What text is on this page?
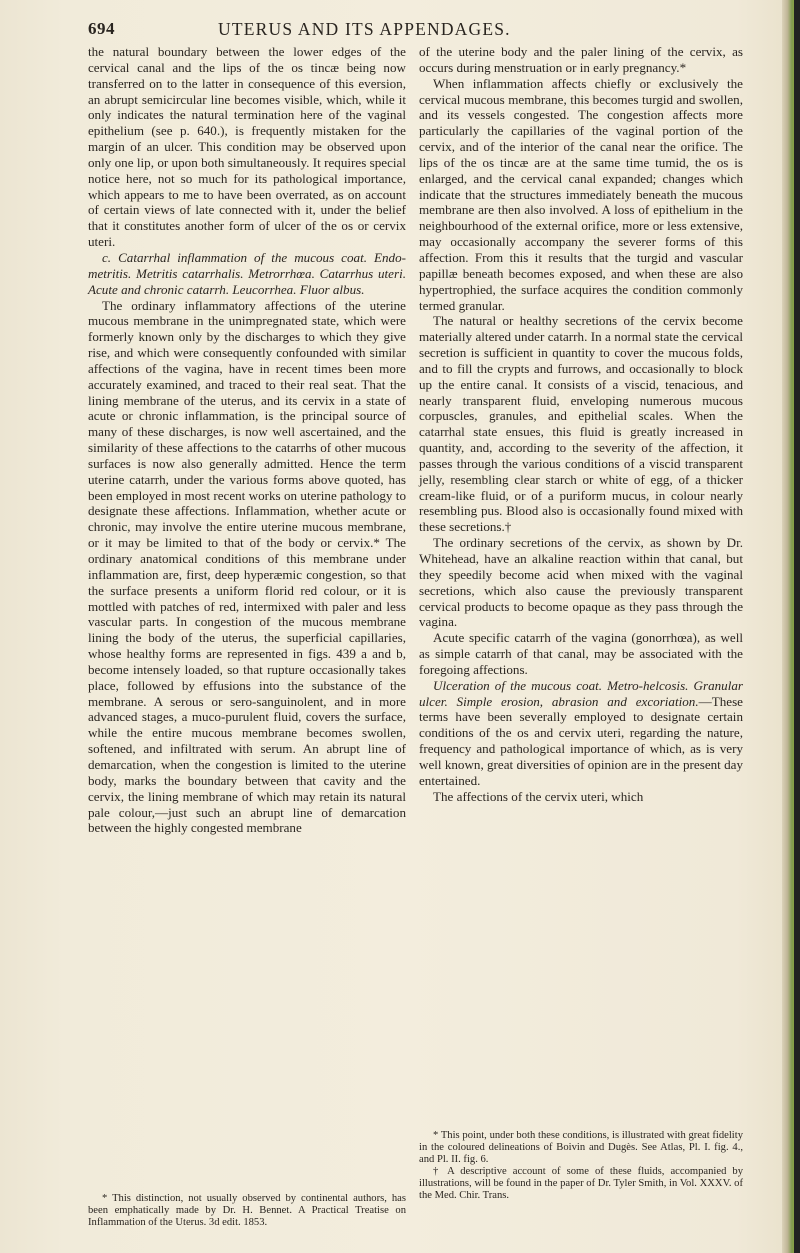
694	UTERUS AND ITS APPENDAGES.

the natural boundary between the lower edges of the cervical canal and the lips of the os tincæ being now transferred on to the latter in consequence of this eversion, an abrupt semicircular line becomes visible, which, while it only indicates the natural termination here of the vaginal epithelium (see p. 640.), is frequently mistaken for the margin of an ulcer. This condition may be observed upon only one lip, or upon both simultaneously. It requires special notice here, not so much for its pathological importance, which appears to me to have been overrated, as on account of certain views of late connected with it, under the belief that it constitutes another form of ulcer of the os or cervix uteri.

c. Catarrhal inflammation of the mucous coat. Endo-metritis. Metritis catarrhalis. Metrorrhœa. Catarrhus uteri. Acute and chronic catarrh. Leucorrhea. Fluor albus.

The ordinary inflammatory affections of the uterine mucous membrane in the unimpregnated state, which were formerly known only by the discharges to which they give rise, and which were consequently confounded with similar affections of the vagina, have in recent times been more accurately examined, and traced to their real seat. That the lining membrane of the uterus, and its cervix in a state of acute or chronic inflammation, is the principal source of many of these discharges, is now well ascertained, and the similarity of these affections to the catarrhs of other mucous surfaces is now also generally admitted. Hence the term uterine catarrh, under the various forms above quoted, has been employed in most recent works on uterine pathology to designate these affections. Inflammation, whether acute or chronic, may involve the entire uterine mucous membrane, or it may be limited to that of the body or cervix.* The ordinary anatomical conditions of this membrane under inflammation are, first, deep hyperæmic congestion, so that the surface presents a uniform florid red colour, or it is mottled with patches of red, intermixed with paler and less vascular parts. In congestion of the mucous membrane lining the body of the uterus, the superficial capillaries, whose healthy forms are represented in figs. 439 a and b, become intensely loaded, so that rupture occasionally takes place, followed by effusions into the substance of the membrane. A serous or sero-sanguinolent, and in more advanced stages, a muco-purulent fluid, covers the surface, while the entire mucous membrane becomes swollen, softened, and infiltrated with serum. An abrupt line of demarcation, when the congestion is limited to the uterine body, marks the boundary between that cavity and the cervix, the lining membrane of which may retain its natural pale colour,—just such an abrupt line of demarcation between the highly congested membrane

* This distinction, not usually observed by continental authors, has been emphatically made by Dr. H. Bennet. A Practical Treatise on Inflammation of the Uterus. 3d edit. 1853.

of the uterine body and the paler lining of the cervix, as occurs during menstruation or in early pregnancy.*

When inflammation affects chiefly or exclusively the cervical mucous membrane, this becomes turgid and swollen, and its vessels congested. The congestion affects more particularly the capillaries of the vaginal portion of the cervix, and of the interior of the canal near the orifice. The lips of the os tincæ are at the same time tumid, the os is enlarged, and the cervical canal expanded; changes which indicate that the structures immediately beneath the mucous membrane are then also involved. A loss of epithelium in the neighbourhood of the external orifice, more or less extensive, may occasionally accompany the severer forms of this affection. From this it results that the turgid and vascular papillæ beneath becomes exposed, and when these are also hypertrophied, the surface acquires the condition commonly termed granular.

The natural or healthy secretions of the cervix become materially altered under catarrh. In a normal state the cervical secretion is sufficient in quantity to cover the mucous folds, and to fill the crypts and furrows, and occasionally to block up the entire canal. It consists of a viscid, tenacious, and nearly transparent fluid, enveloping numerous mucous corpuscles, granules, and epithelial scales. When the catarrhal state ensues, this fluid is greatly increased in quantity, and, according to the severity of the affection, it passes through the various conditions of a viscid transparent jelly, resembling clear starch or white of egg, of a thicker cream-like fluid, or of a puriform mucus, in colour nearly resembling pus. Blood also is occasionally found mixed with these secretions.†

The ordinary secretions of the cervix, as shown by Dr. Whitehead, have an alkaline reaction within that canal, but they speedily become acid when mixed with the vaginal secretions, which also cause the previously transparent cervical products to become opaque as they pass through the vagina.

Acute specific catarrh of the vagina (gonorrhœa), as well as simple catarrh of that canal, may be associated with the foregoing affections.

Ulceration of the mucous coat. Metro-helcosis. Granular ulcer. Simple erosion, abrasion and excoriation.—These terms have been severally employed to designate certain conditions of the os and cervix uteri, regarding the nature, frequency and pathological importance of which, as is very well known, great diversities of opinion are in the present day entertained.

The affections of the cervix uteri, which

* This point, under both these conditions, is illustrated with great fidelity in the coloured delineations of Boivin and Dugès. See Atlas, Pl. I. fig. 4., and Pl. II. fig. 6.

† A descriptive account of some of these fluids, accompanied by illustrations, will be found in the paper of Dr. Tyler Smith, in Vol. XXXV. of the Med. Chir. Trans.
